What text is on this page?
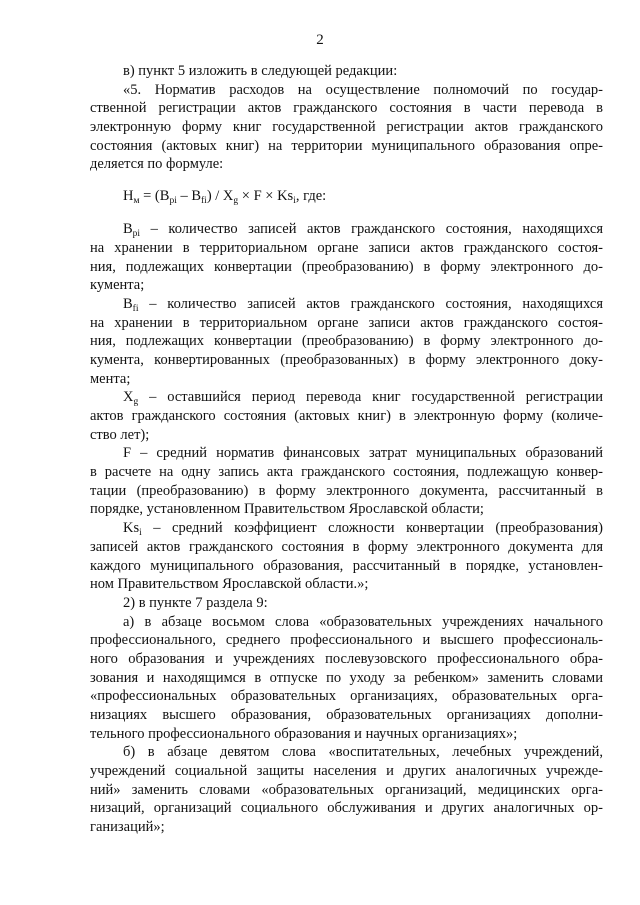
2
в) пункт 5 изложить в следующей редакции:
«5. Норматив расходов на осуществление полномочий по государ-
ственной регистрации актов гражданского состояния в части перевода в
электронную форму книг государственной регистрации актов гражданского
состояния (актовых книг) на территории муниципального образования опре-
деляется по формуле:
$Н_м = (В_{pi} - В_{fi}) / Х_g \times F \times Ks_i$, где:
$В_{pi}$ – количество записей актов гражданского состояния, находящихся
на хранении в территориальном органе записи актов гражданского состоя-
ния, подлежащих конвертации (преобразованию) в форму электронного до-
кумента;
$В_{fi}$ – количество записей актов гражданского состояния, находящихся
на хранении в территориальном органе записи актов гражданского состоя-
ния, подлежащих конвертации (преобразованию) в форму электронного до-
кумента, конвертированных (преобразованных) в форму электронного доку-
мента;
$Х_g$ – оставшийся период перевода книг государственной регистрации
актов гражданского состояния (актовых книг) в электронную форму (количе-
ство лет);
F – средний норматив финансовых затрат муниципальных образований
в расчете на одну запись акта гражданского состояния, подлежащую конвер-
тации (преобразованию) в форму электронного документа, рассчитанный в
порядке, установленном Правительством Ярославской области;
$Ks_i$ – средний коэффициент сложности конвертации (преобразования)
записей актов гражданского состояния в форму электронного документа для
каждого муниципального образования, рассчитанный в порядке, установлен-
ном Правительством Ярославской области.»;
2) в пункте 7 раздела 9:
а) в абзаце восьмом слова «образовательных учреждениях начального
профессионального, среднего профессионального и высшего профессиональ-
ного образования и учреждениях послевузовского профессионального обра-
зования и находящимся в отпуске по уходу за ребенком» заменить словами
«профессиональных образовательных организациях, образовательных орга-
низациях высшего образования, образовательных организациях дополни-
тельного профессионального образования и научных организациях»;
б) в абзаце девятом слова «воспитательных, лечебных учреждений,
учреждений социальной защиты населения и других аналогичных учрежде-
ний» заменить словами «образовательных организаций, медицинских орга-
низаций, организаций социального обслуживания и других аналогичных ор-
ганизаций»;
